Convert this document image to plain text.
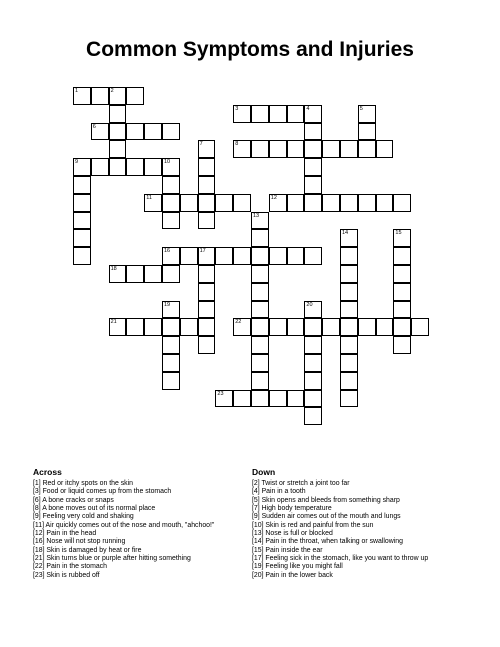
Common Symptoms and Injuries
1	2
3	4	5
6
7	8
9	10
11	12
13
14	15
16	17
18
19	20
21	22
23
Across
[1] Red or itchy spots on the skin
[3] Food or liquid comes up from the stomach
[6] A bone cracks or snaps
[8] A bone moves out of its normal place
[9] Feeling very cold and shaking
[11] Air quickly comes out of the nose and mouth, "ahchoo!"
[12] Pain in the head
[16] Nose will not stop running
[18] Skin is damaged by heat or fire
[21] Skin turns blue or purple after hitting something
[22] Pain in the stomach
[23] Skin is rubbed off
Down
[2] Twist or stretch a joint too far
[4] Pain in a tooth
[5] Skin opens and bleeds from something sharp
[7] High body temperature
[9] Sudden air comes out of the mouth and lungs
[10] Skin is red and painful from the sun
[13] Nose is full or blocked
[14] Pain in the throat, when talking or swallowing
[15] Pain inside the ear
[17] Feeling sick in the stomach, like you want to throw up
[19] Feeling like you might fall
[20] Pain in the lower back
